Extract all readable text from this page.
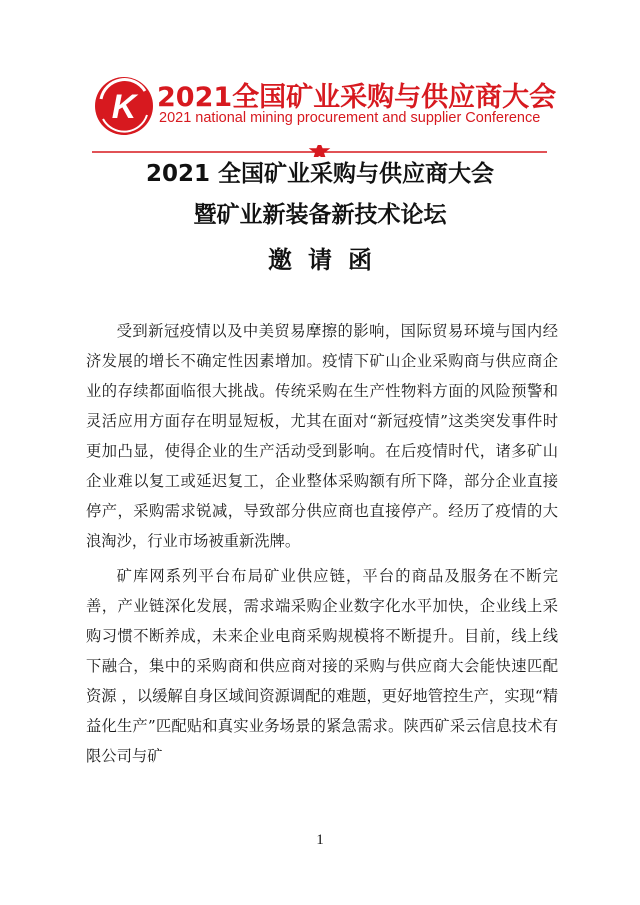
K 2021全国矿业采购与供应商大会
2021 national mining procurement and supplier Conference
2021 全国矿业采购与供应商大会
暨矿业新装备新技术论坛
邀请函

受到新冠疫情以及中美贸易摩擦的影响，国际贸易环境与国内经济发展的增长不确定性因素增加。疫情下矿山企业采购商与供应商企业的存续都面临很大挑战。传统采购在生产性物料方面的风险预警和灵活应用方面存在明显短板，尤其在面对“新冠疫情”这类突发事件时更加凸显，使得企业的生产活动受到影响。在后疫情时代，诸多矿山企业难以复工或延迟复工，企业整体采购额有所下降，部分企业直接停产，采购需求锐减，导致部分供应商也直接停产。经历了疫情的大浪淘沙，行业市场被重新洗牌。

矿库网系列平台布局矿业供应链，平台的商品及服务在不断完善，产业链深化发展，需求端采购企业数字化水平加快，企业线上采购习惯不断养成，未来企业电商采购规模将不断提升。目前，线上线下融合，集中的采购商和供应商对接的采购与供应商大会能快速匹配资源 ，以缓解自身区域间资源调配的难题，更好地管控生产，实现“精益化生产”匹配贴和真实业务场景的紧急需求。陕西矿采云信息技术有限公司与矿

1
